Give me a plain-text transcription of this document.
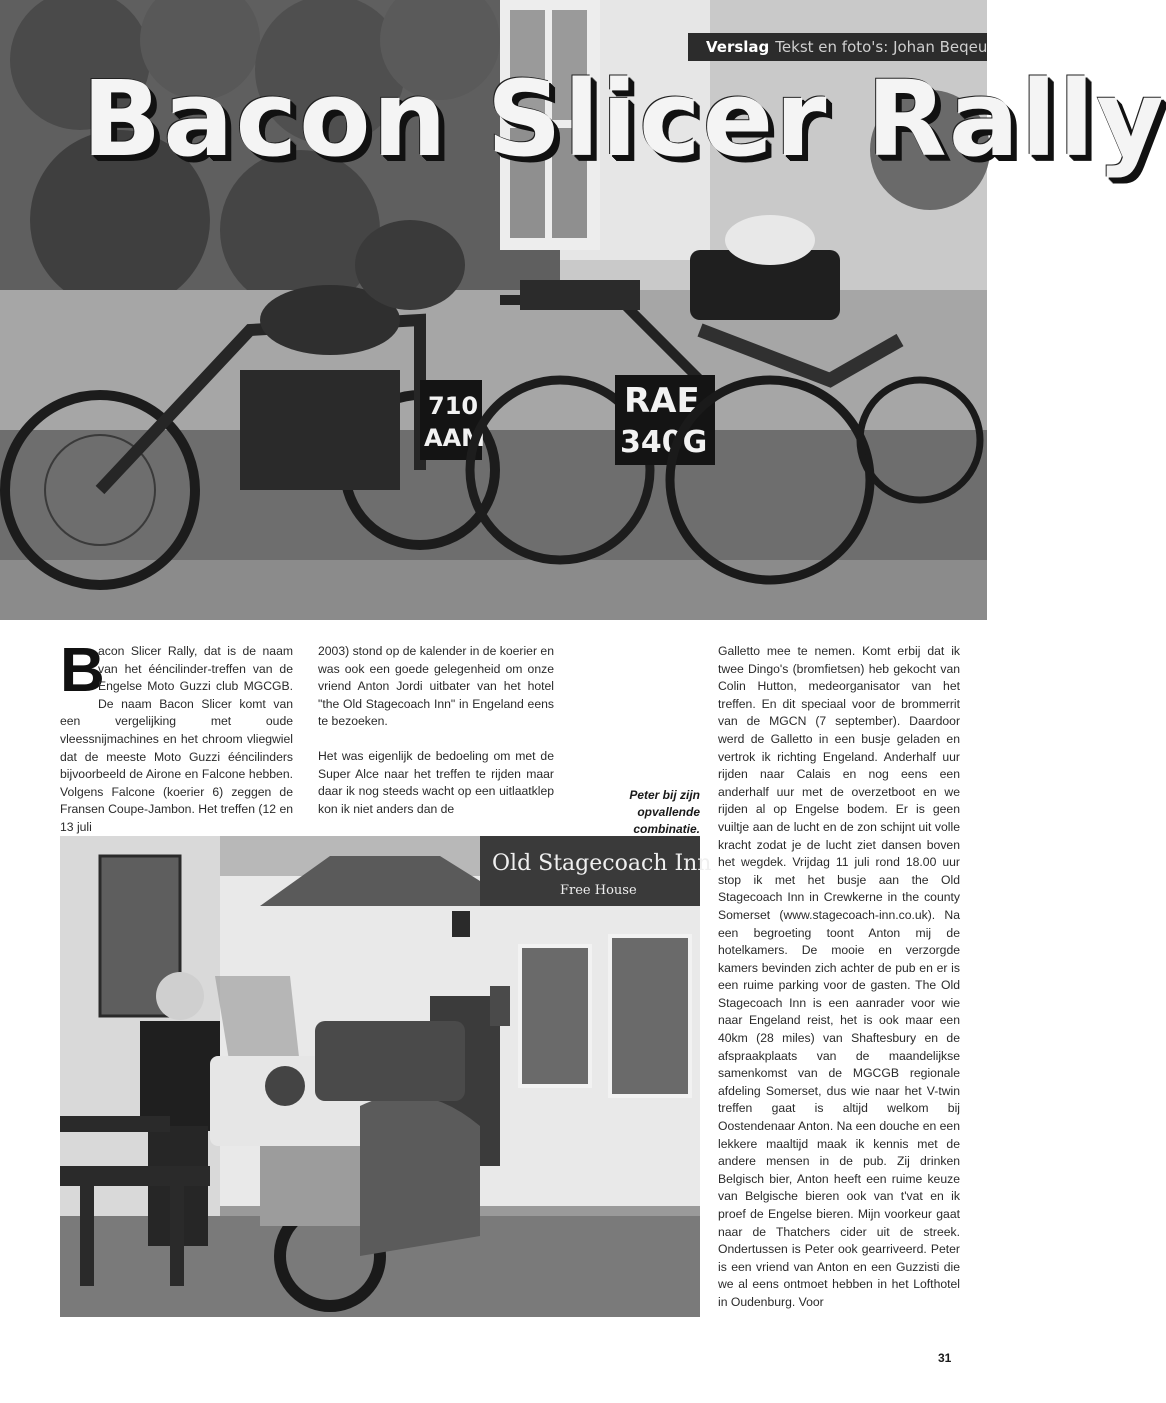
710
AAM
RAE
340G
Verslag Tekst en foto's: Johan Beqeu
Bacon Slicer Rally
B

acon Slicer Rally, dat is de naam van het ééncilinder-treffen van de Engelse Moto Guzzi club MGCGB. De naam Bacon Slicer komt van een vergelijking met oude vleessnijmachines en het chroom vliegwiel dat de meeste Moto Guzzi ééncilinders bijvoorbeeld de Airone en Falcone hebben. Volgens Falcone (koerier 6) zeggen de Fransen Coupe-Jambon. Het treffen (12 en 13 juli

2003) stond op de kalender in de koerier en was ook een goede gelegenheid om onze vriend Anton Jordi uitbater van het hotel "the Old Stagecoach Inn" in Engeland eens te bezoeken.

Het was eigenlijk de bedoeling om met de Super Alce naar het treffen te rijden maar daar ik nog steeds wacht op een uitlaatklep kon ik niet anders dan de

Peter bij zijn opvallende combinatie.
Old Stagecoach Inn
Free House

Galletto mee te nemen. Komt erbij dat ik twee Dingo's (bromfietsen) heb gekocht van Colin Hutton, medeorganisator van het treffen. En dit speciaal voor de brommerrit van de MGCN (7 september). Daardoor werd de Galletto in een busje geladen en vertrok ik richting Engeland. Anderhalf uur rijden naar Calais en nog eens een anderhalf uur met de overzetboot en we rijden al op Engelse bodem. Er is geen vuiltje aan de lucht en de zon schijnt uit volle kracht zodat je de lucht ziet dansen boven het wegdek. Vrijdag 11 juli rond 18.00 uur stop ik met het busje aan the Old Stagecoach Inn in Crewkerne in the county Somerset (www.stagecoach-inn.co.uk). Na een begroeting toont Anton mij de hotelkamers. De mooie en verzorgde kamers bevinden zich achter de pub en er is een ruime parking voor de gasten. The Old Stagecoach Inn is een aanrader voor wie naar Engeland reist, het is ook maar een 40km (28 miles) van Shaftesbury en de afspraakplaats van de maandelijkse samenkomst van de MGCGB regionale afdeling Somerset, dus wie naar het V-twin treffen gaat is altijd welkom bij Oostendenaar Anton. Na een douche en een lekkere maaltijd maak ik kennis met de andere mensen in de pub. Zij drinken Belgisch bier, Anton heeft een ruime keuze van Belgische bieren ook van t'vat en ik proef de Engelse bieren. Mijn voorkeur gaat naar de Thatchers cider uit de streek. Ondertussen is Peter ook gearriveerd. Peter is een vriend van Anton en een Guzzisti die we al eens ontmoet hebben in het Lofthotel in Oudenburg. Voor

31
